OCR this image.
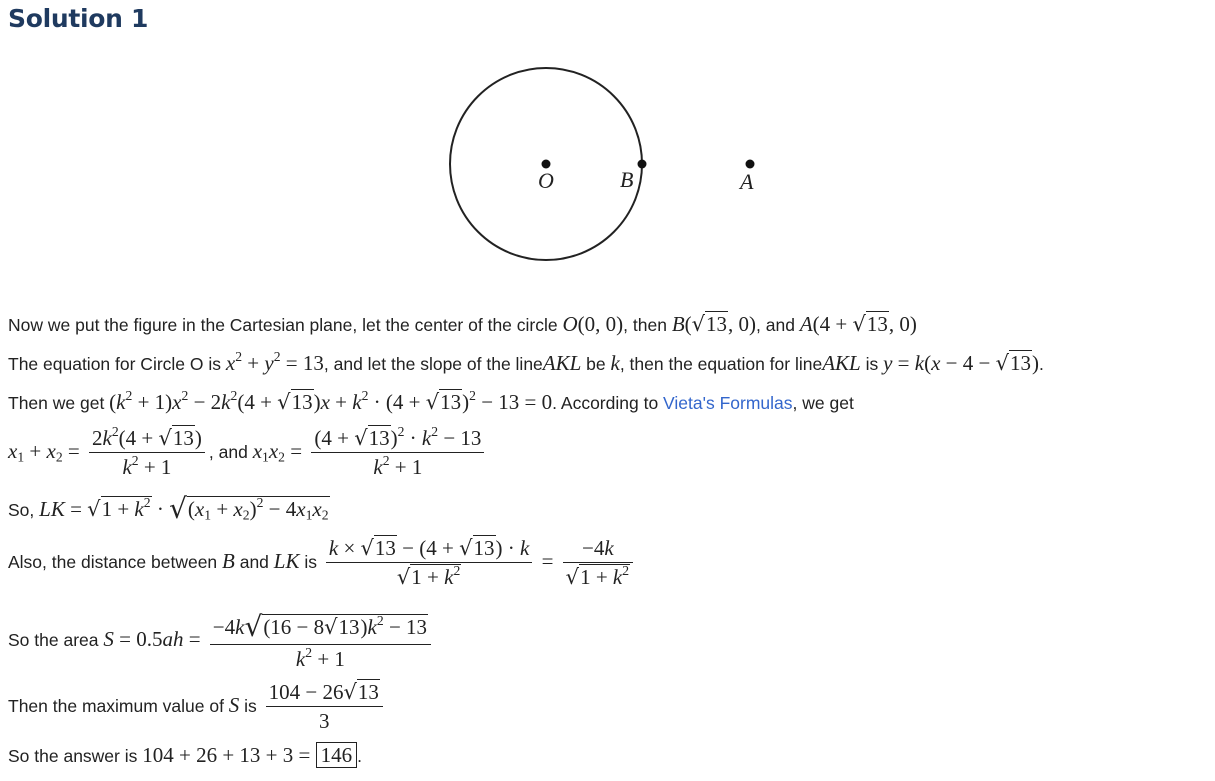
Solution 1
O	B	A
Now we put the figure in the Cartesian plane, let the center of the circle O(0, 0), then B(√13, 0), and A(4 + √13, 0)
The equation for Circle O is $x^2 + y^2 = 13$, and let the slope of the lineAKL be k, then the equation for lineAKL is y = k(x − 4 − √13).
Then we get $(k^2 + 1)x^2 - 2k^2(4 + √13)x + k^2 \cdot (4 + √13)^2 - 13 = 0$. According to Vieta's Formulas, we get
$x_1 + x_2 = \frac{2k^2(4 + √13)}{k^2 + 1}$ , and $x_1x_2 = \frac{(4 + √13)^2 \cdot k^2 - 13}{k^2 + 1}$
So, LK = $√1 + k^2 \cdot √(x_1 + x_2)^2 - 4x_1x_2$
Also, the distance between B and LK is $\frac{k \times √13 - (4 + √13) \cdot k}{√1 + k^2} = \frac{-4k}{√1 + k^2}$
So the area $S = 0.5ah = \frac{-4k√(16 - 8√13)k^2 - 13}{k^2 + 1}$
Then the maximum value of S is $\frac{104 - 26√13}{3}$
So the answer is 104 + 26 + 13 + 3 = 146 .
